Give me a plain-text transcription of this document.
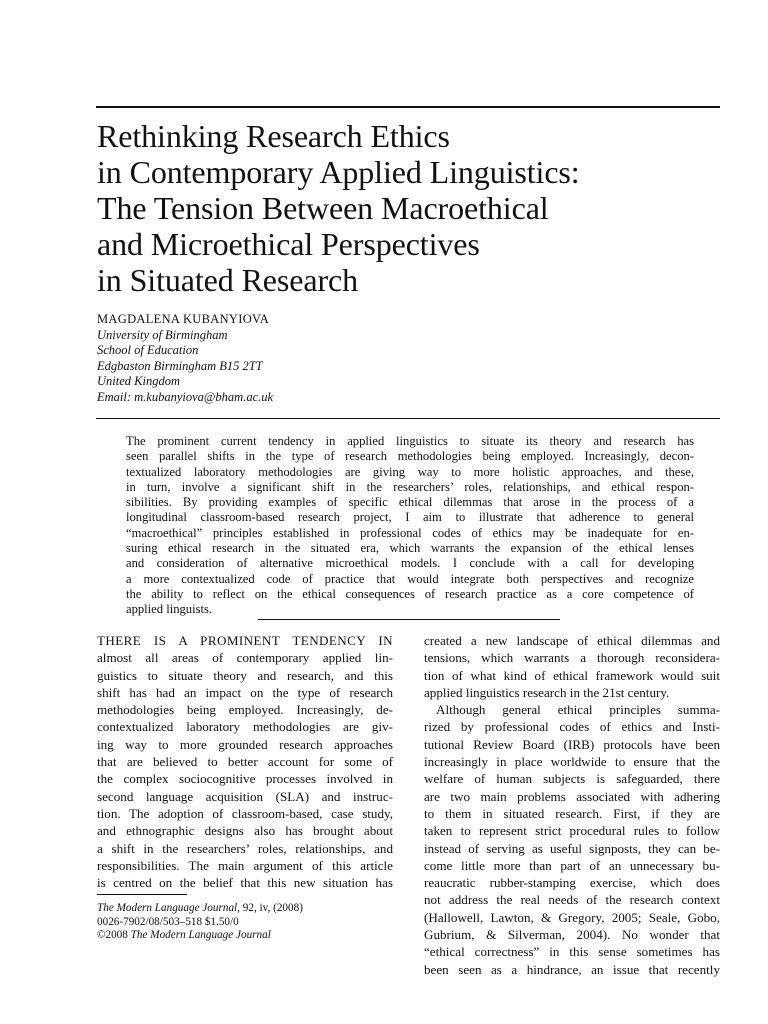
Rethinking Research Ethics
in Contemporary Applied Linguistics:
The Tension Between Macroethical
and Microethical Perspectives
in Situated Research
MAGDALENA KUBANYIOVA
University of Birmingham
School of Education
Edgbaston Birmingham B15 2TT
United Kingdom
Email: m.kubanyiova@bham.ac.uk
The prominent current tendency in applied linguistics to situate its theory and research has
seen parallel shifts in the type of research methodologies being employed. Increasingly, decon-
textualized laboratory methodologies are giving way to more holistic approaches, and these,
in turn, involve a significant shift in the researchers’ roles, relationships, and ethical respon-
sibilities. By providing examples of specific ethical dilemmas that arose in the process of a
longitudinal classroom-based research project, I aim to illustrate that adherence to general
“macroethical” principles established in professional codes of ethics may be inadequate for en-
suring ethical research in the situated era, which warrants the expansion of the ethical lenses
and consideration of alternative microethical models. I conclude with a call for developing
a more contextualized code of practice that would integrate both perspectives and recognize
the ability to reflect on the ethical consequences of research practice as a core competence of
applied linguists.
THERE IS A PROMINENT TENDENCY IN
almost all areas of contemporary applied lin-
guistics to situate theory and research, and this
shift has had an impact on the type of research
methodologies being employed. Increasingly, de-
contextualized laboratory methodologies are giv-
ing way to more grounded research approaches
that are believed to better account for some of
the complex sociocognitive processes involved in
second language acquisition (SLA) and instruc-
tion. The adoption of classroom-based, case study,
and ethnographic designs also has brought about
a shift in the researchers’ roles, relationships, and
responsibilities. The main argument of this article
is centred on the belief that this new situation has
created a new landscape of ethical dilemmas and
tensions, which warrants a thorough reconsidera-
tion of what kind of ethical framework would suit
applied linguistics research in the 21st century.
Although general ethical principles summa-
rized by professional codes of ethics and Insti-
tutional Review Board (IRB) protocols have been
increasingly in place worldwide to ensure that the
welfare of human subjects is safeguarded, there
are two main problems associated with adhering
to them in situated research. First, if they are
taken to represent strict procedural rules to follow
instead of serving as useful signposts, they can be-
come little more than part of an unnecessary bu-
reaucratic rubber-stamping exercise, which does
not address the real needs of the research context
(Hallowell, Lawton, & Gregory, 2005; Seale, Gobo,
Gubrium, & Silverman, 2004). No wonder that
“ethical correctness” in this sense sometimes has
been seen as a hindrance, an issue that recently
The Modern Language Journal, 92, iv, (2008)
0026-7902/08/503–518 $1.50/0
©2008 The Modern Language Journal
